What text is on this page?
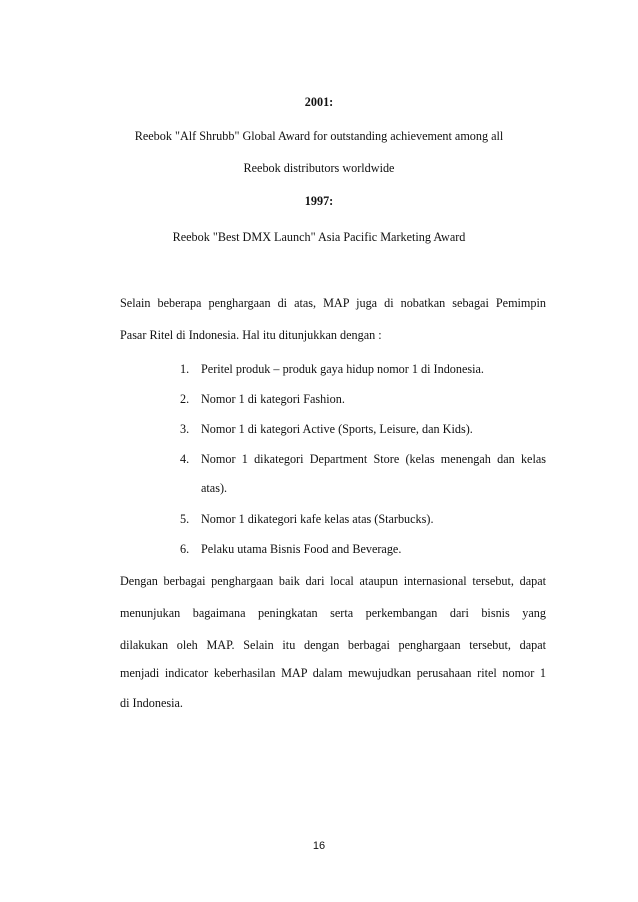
2001:
Reebok "Alf Shrubb" Global Award for outstanding achievement among all
Reebok distributors worldwide
1997:
Reebok "Best DMX Launch" Asia Pacific Marketing Award
Selain beberapa penghargaan di atas, MAP juga di nobatkan sebagai Pemimpin
Pasar Ritel di Indonesia. Hal itu ditunjukkan dengan :
1. Peritel produk – produk gaya hidup nomor 1 di Indonesia.
2. Nomor 1 di kategori Fashion.
3. Nomor 1 di kategori Active (Sports, Leisure, dan Kids).
4. Nomor 1 dikategori Department Store (kelas menengah dan kelas
atas).
5. Nomor 1 dikategori kafe kelas atas (Starbucks).
6. Pelaku utama Bisnis Food and Beverage.
Dengan berbagai penghargaan baik dari local ataupun internasional tersebut, dapat
menunjukan bagaimana peningkatan serta perkembangan dari bisnis yang
dilakukan oleh MAP. Selain itu dengan berbagai penghargaan tersebut, dapat
menjadi indicator keberhasilan MAP dalam mewujudkan perusahaan ritel nomor 1
di Indonesia.
16
